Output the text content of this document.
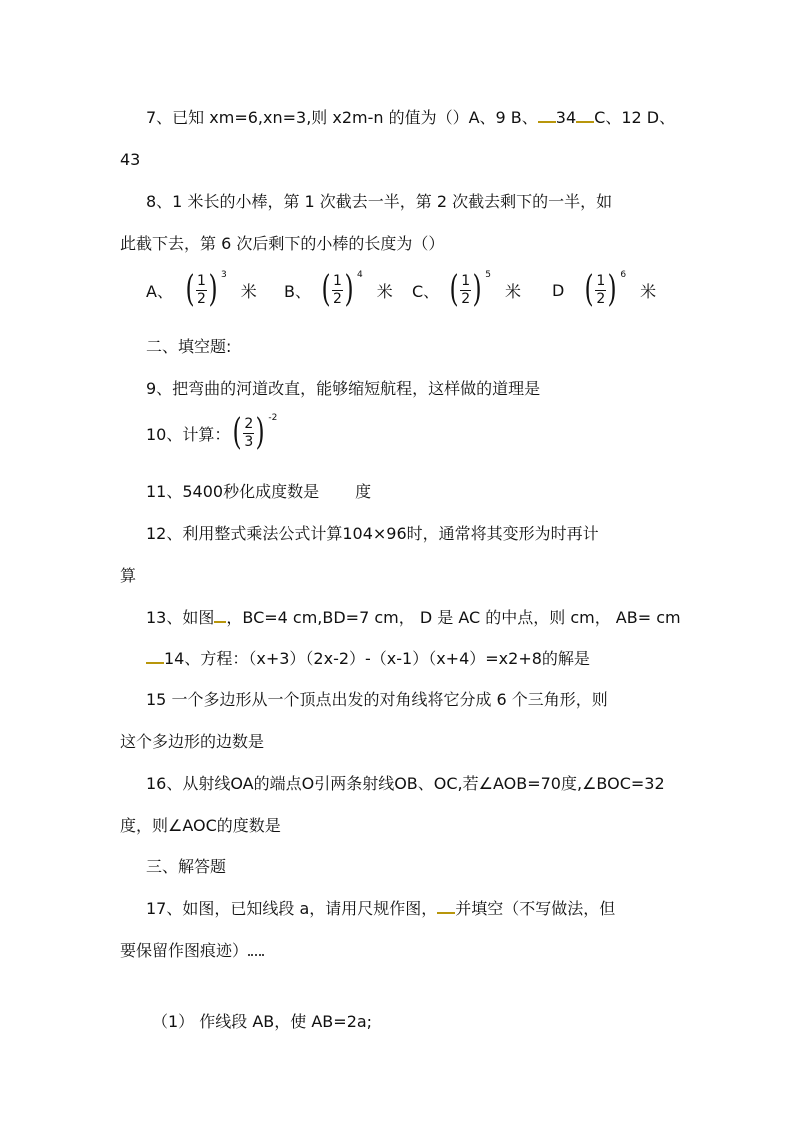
7、已知 xm=6,xn=3,则 x2m-n 的值为（）A、9 B、 34 C、12 D、
43
8、1 米长的小棒，第 1 次截去一半，第 2 次截去剩下的一半，如
此截下去，第 6 次后剩下的小棒的长度为（）
A、 ( $\frac{1}{2}$ ) 3
米 B、 ( $\frac{1}{2}$ ) 4
米 C、 ( $\frac{1}{2}$ ) 5
米 D ( $\frac{1}{2}$ ) 6
米
二、填空题:
9、把弯曲的河道改直，能够缩短航程，这样做的道理是
10、计算： ( $\frac{2}{3}$ ) -2
11、5400秒化成度数是 度
12、利用整式乘法公式计算104×96时，通常将其变形为时再计
算
13、如图 ，BC=4 cm,BD=7 cm， D 是 AC 的中点，则 cm， AB= cm
14、方程：（x+3）（2x-2）-（x-1）（x+4）=x2+8的解是
15 一个多边形从一个顶点出发的对角线将它分成 6 个三角形，则
这个多边形的边数是
16、从射线OA的端点O引两条射线OB、OC,若∠AOB=70度,∠BOC=32
度，则∠AOC的度数是
三、解答题
17、如图，已知线段 a，请用尺规作图， 并填空（不写做法，但
要保留作图痕迹）
（1） 作线段 AB，使 AB=2a;
